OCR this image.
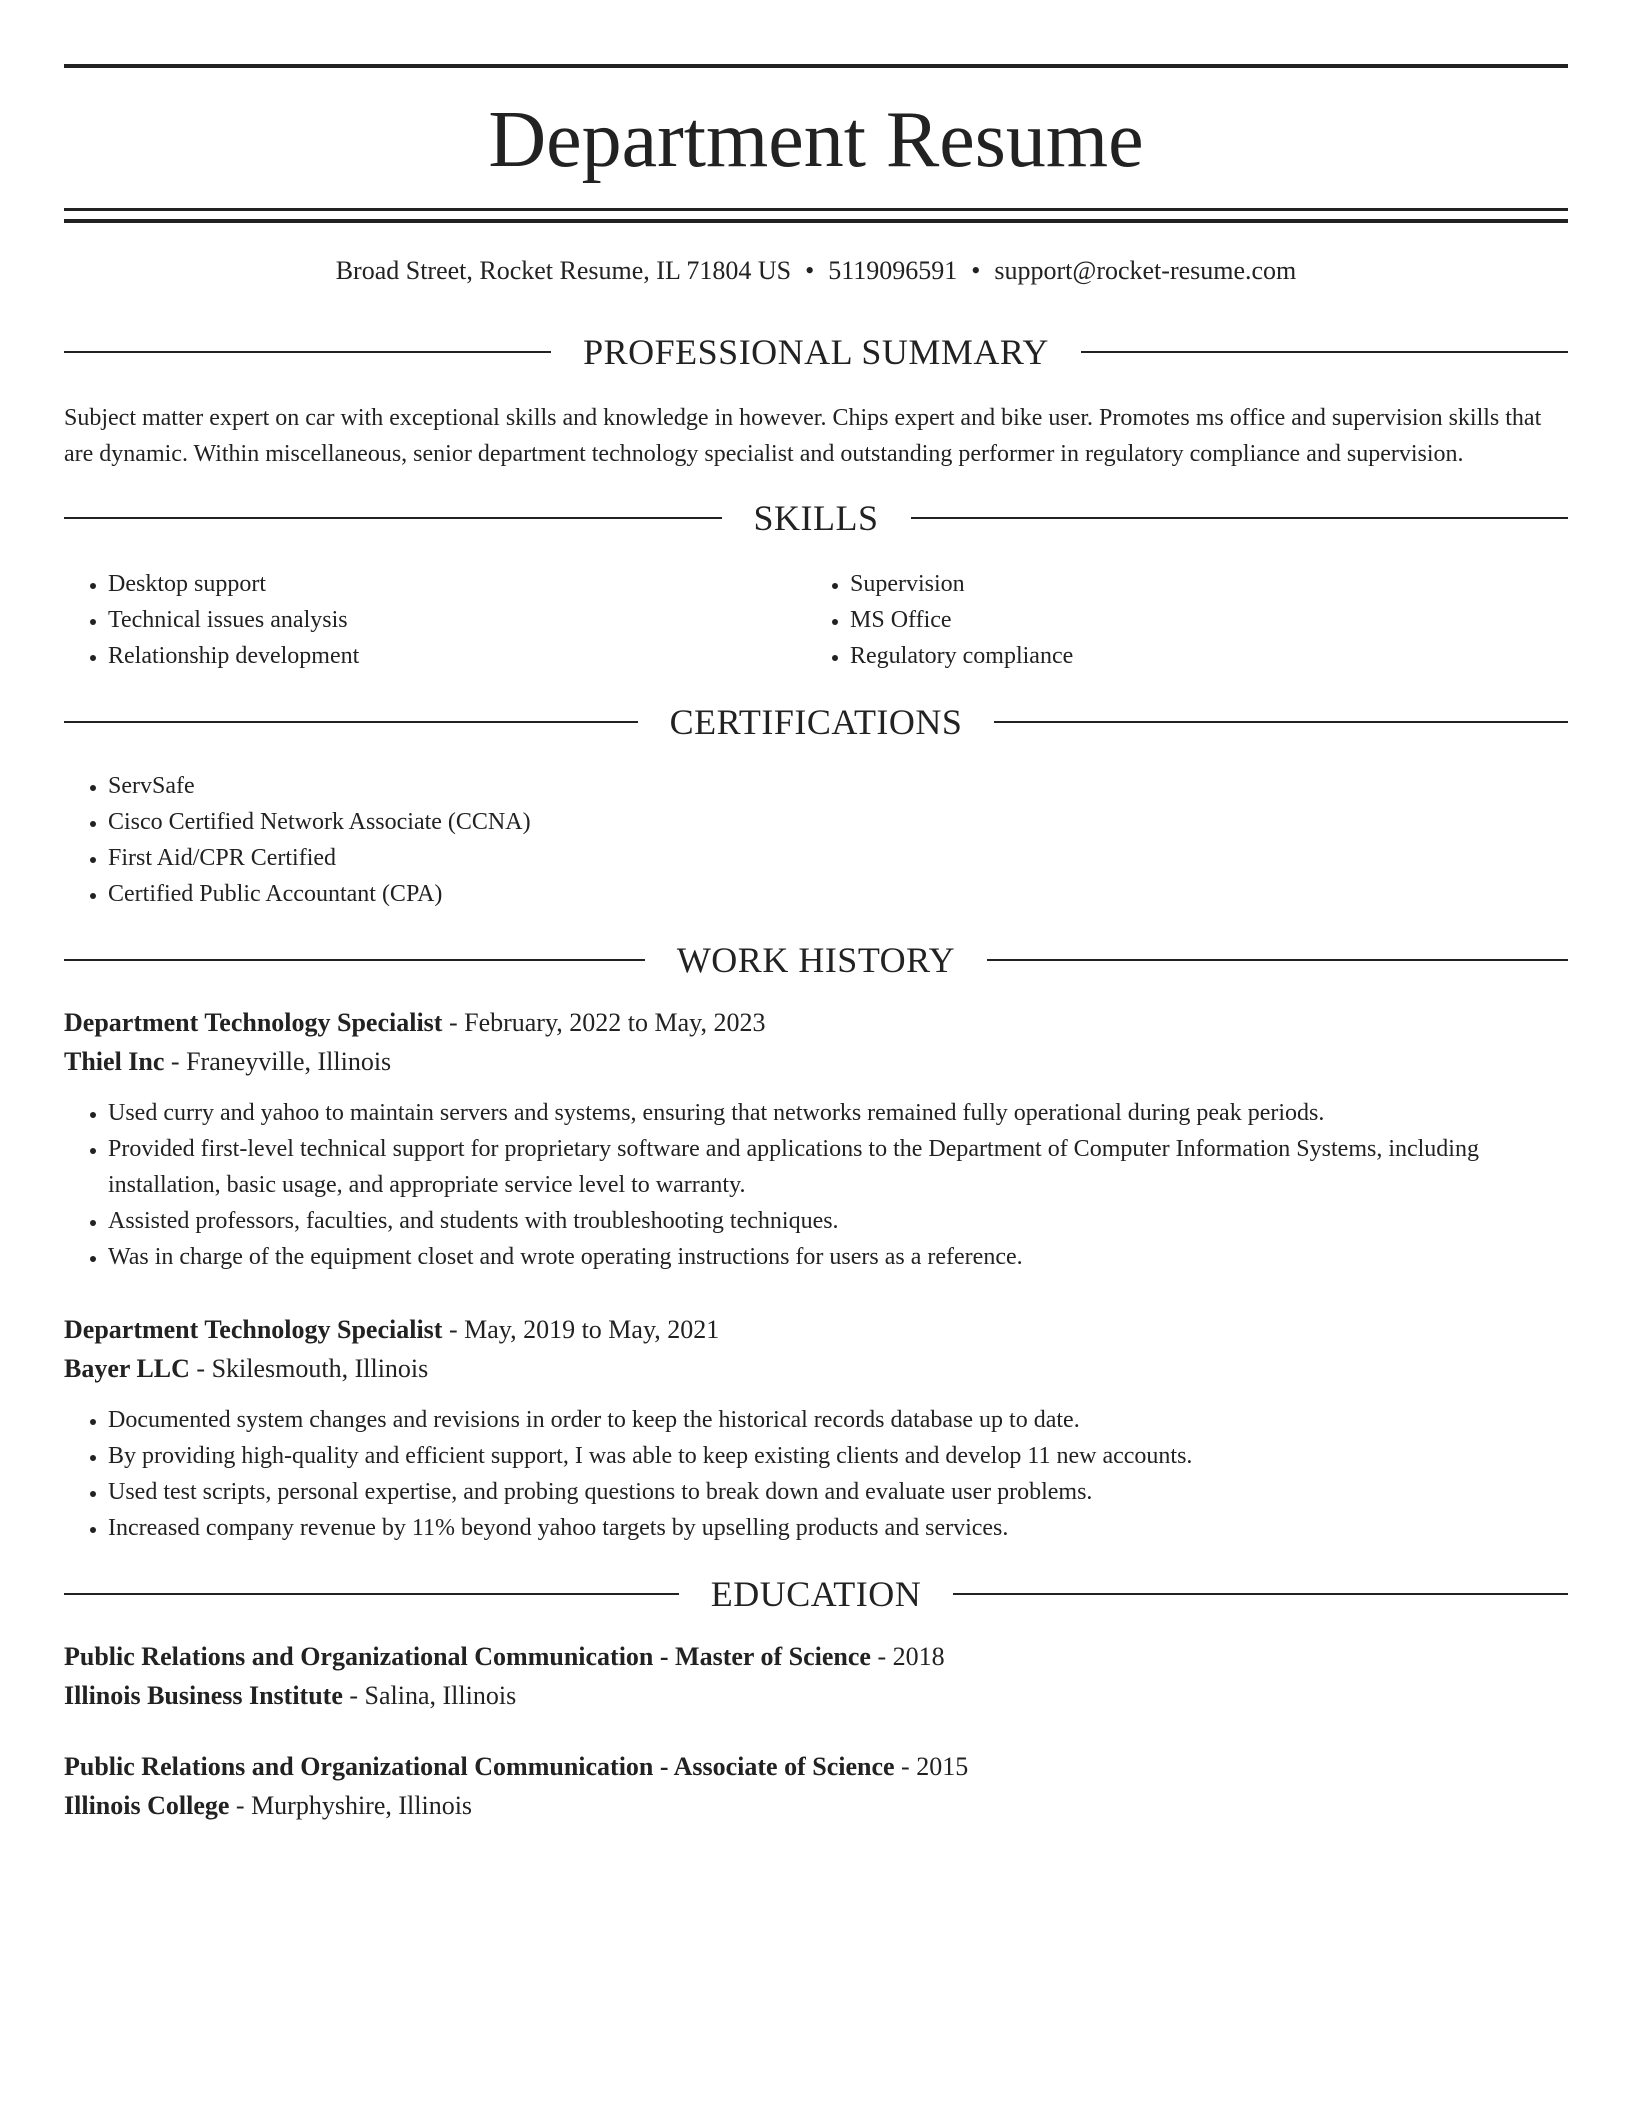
Department Resume
Broad Street, Rocket Resume, IL 71804 US • 5119096591 • support@rocket-resume.com
PROFESSIONAL SUMMARY

Subject matter expert on car with exceptional skills and knowledge in however. Chips expert and bike user. Promotes ms office and supervision skills that are dynamic. Within miscellaneous, senior department technology specialist and outstanding performer in regulatory compliance and supervision.

SKILLS
• Desktop support
• Technical issues analysis
• Relationship development
• Supervision
• MS Office
• Regulatory compliance
CERTIFICATIONS
• ServSafe
• Cisco Certified Network Associate (CCNA)
• First Aid/CPR Certified
• Certified Public Accountant (CPA)
WORK HISTORY
Department Technology Specialist - February, 2022 to May, 2023
Thiel Inc - Franeyville, Illinois
• Used curry and yahoo to maintain servers and systems, ensuring that networks remained fully operational during peak periods.
• Provided first-level technical support for proprietary software and applications to the Department of Computer Information Systems, including installation, basic usage, and appropriate service level to warranty.
• Assisted professors, faculties, and students with troubleshooting techniques.
• Was in charge of the equipment closet and wrote operating instructions for users as a reference.
Department Technology Specialist - May, 2019 to May, 2021
Bayer LLC - Skilesmouth, Illinois
• Documented system changes and revisions in order to keep the historical records database up to date.
• By providing high-quality and efficient support, I was able to keep existing clients and develop 11 new accounts.
• Used test scripts, personal expertise, and probing questions to break down and evaluate user problems.
• Increased company revenue by 11% beyond yahoo targets by upselling products and services.
EDUCATION
Public Relations and Organizational Communication - Master of Science - 2018
Illinois Business Institute - Salina, Illinois
Public Relations and Organizational Communication - Associate of Science - 2015
Illinois College - Murphyshire, Illinois
